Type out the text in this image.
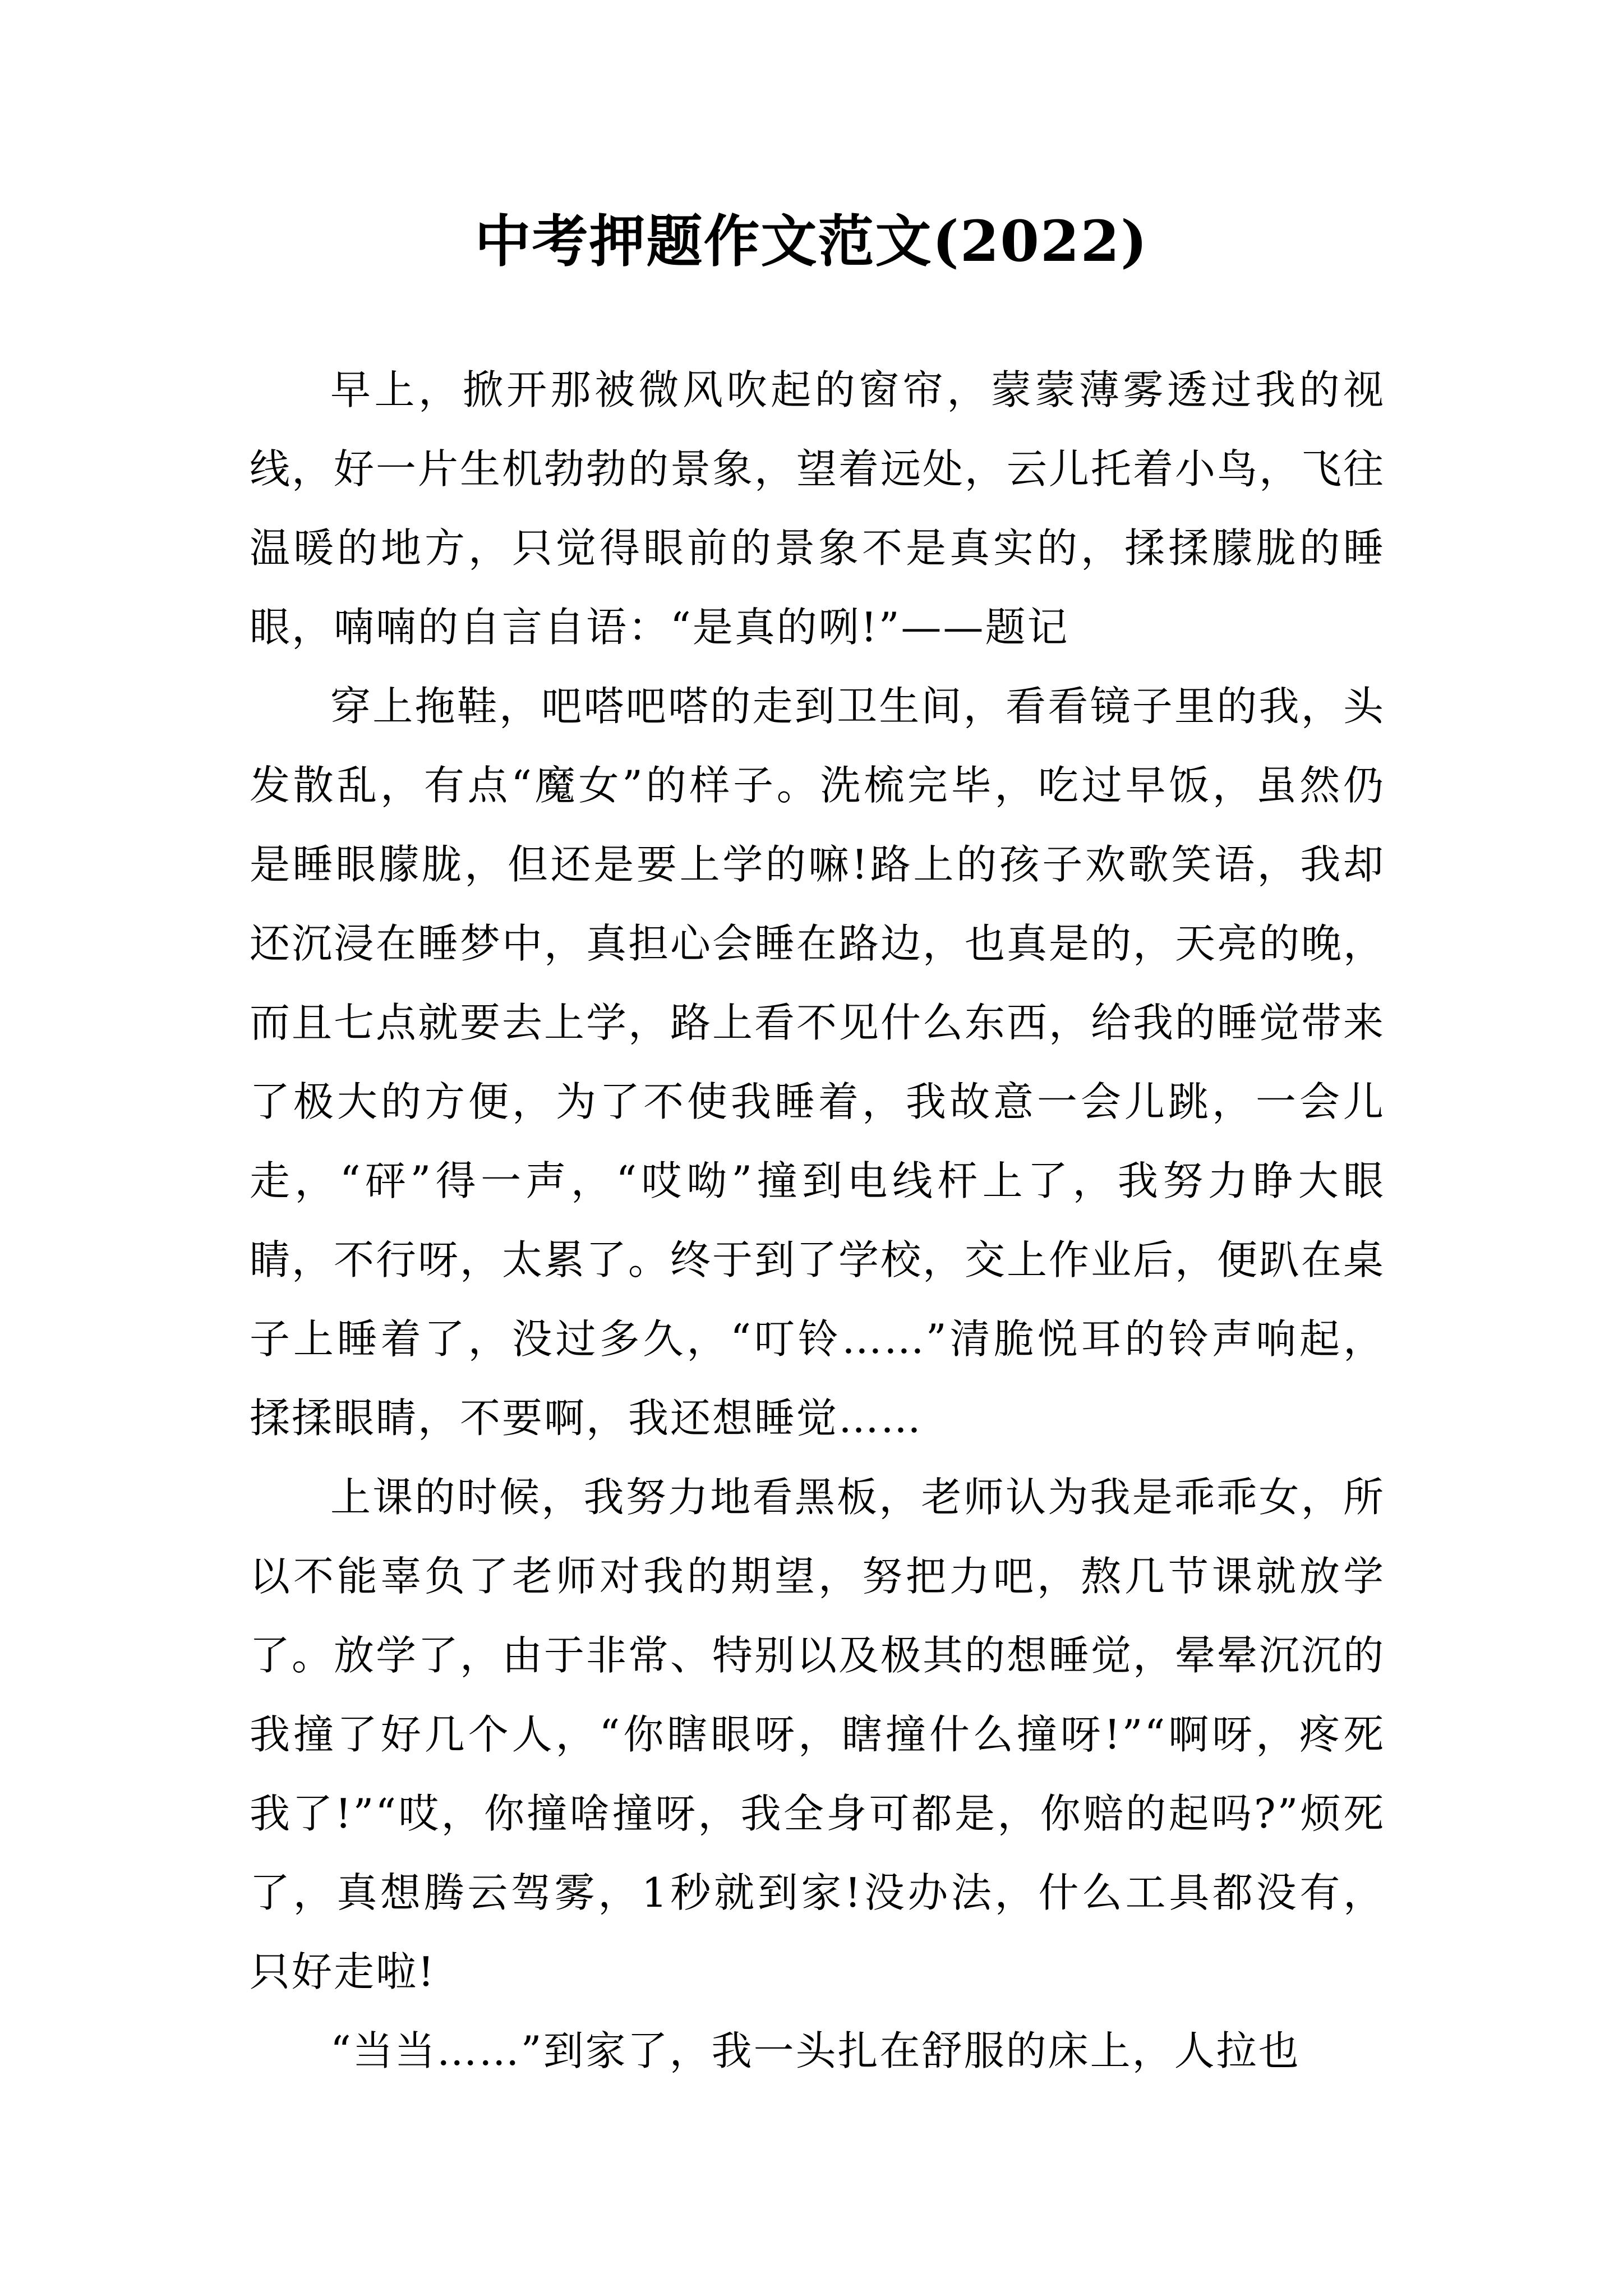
中考押题作文范文(2022)

早上，掀开那被微风吹起的窗帘，蒙蒙薄雾透过我的视线，好一片生机勃勃的景象，望着远处，云儿托着小鸟，飞往温暖的地方，只觉得眼前的景象不是真实的，揉揉朦胧的睡眼，喃喃的自言自语：“是真的咧!”——题记

穿上拖鞋，吧嗒吧嗒的走到卫生间，看看镜子里的我，头发散乱，有点“魔女”的样子。洗梳完毕，吃过早饭，虽然仍是睡眼朦胧，但还是要上学的嘛!路上的孩子欢歌笑语，我却还沉浸在睡梦中，真担心会睡在路边，也真是的，天亮的晚，而且七点就要去上学，路上看不见什么东西，给我的睡觉带来了极大的方便，为了不使我睡着，我故意一会儿跳，一会儿走，“砰”得一声，“哎呦”撞到电线杆上了，我努力睁大眼睛，不行呀，太累了。终于到了学校，交上作业后，便趴在桌子上睡着了，没过多久，“叮铃……”清脆悦耳的铃声响起，揉揉眼睛，不要啊，我还想睡觉……

上课的时候，我努力地看黑板，老师认为我是乖乖女，所以不能辜负了老师对我的期望，努把力吧，熬几节课就放学了。放学了，由于非常、特别以及极其的想睡觉，晕晕沉沉的我撞了好几个人，“你瞎眼呀，瞎撞什么撞呀!”“啊呀，疼死我了!”“哎，你撞啥撞呀，我全身可都是，你赔的起吗?”烦死了，真想腾云驾雾，1秒就到家!没办法，什么工具都没有，只好走啦!

“当当……”到家了，我一头扎在舒服的床上，人拉也
